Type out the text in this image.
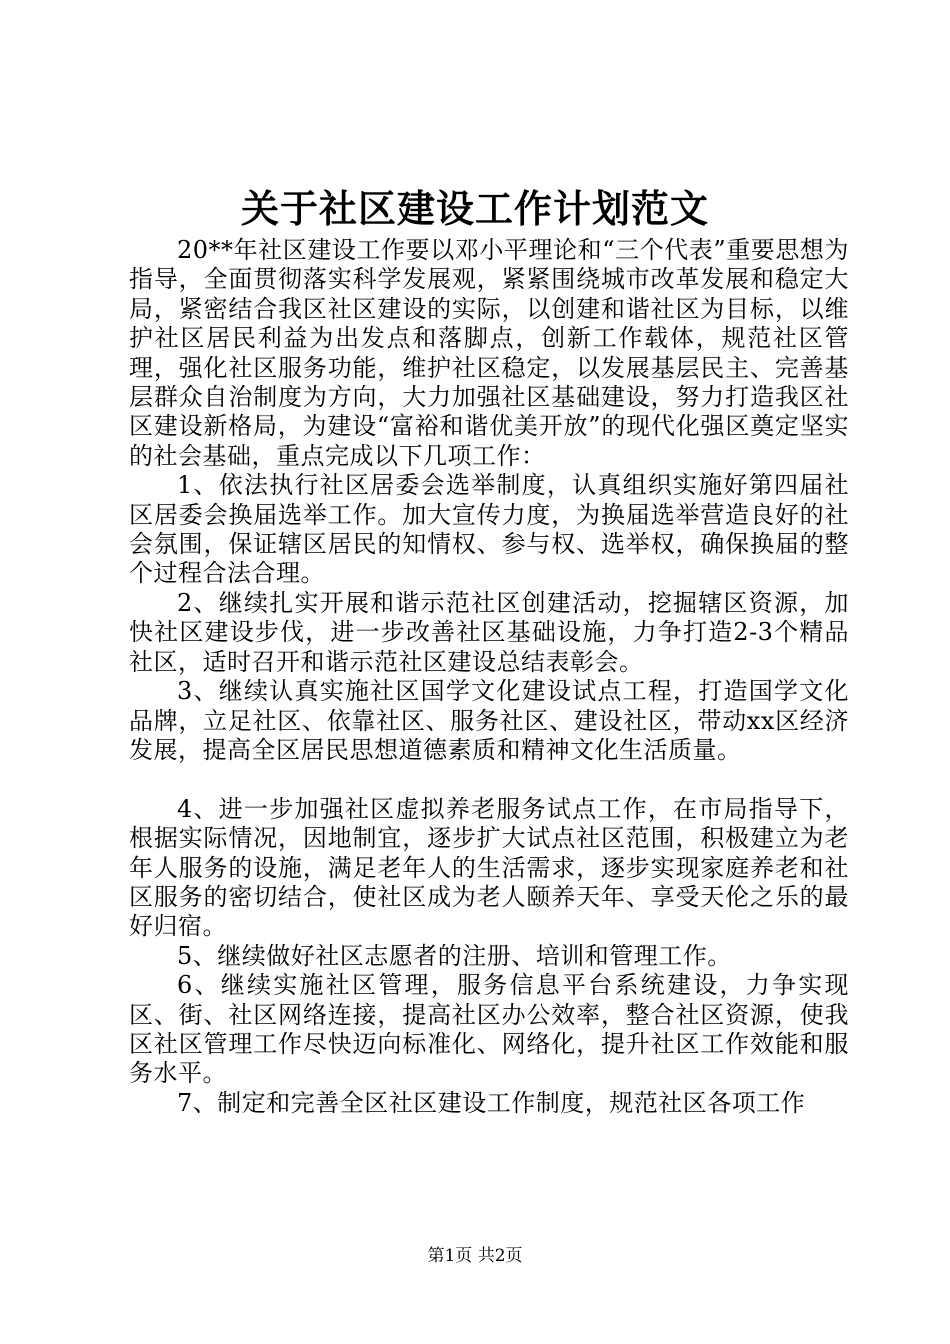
关于社区建设工作计划范文

20**年社区建设工作要以邓小平理论和“三个代表”重要思想为指导，全面贯彻落实科学发展观，紧紧围绕城市改革发展和稳定大局，紧密结合我区社区建设的实际，以创建和谐社区为目标，以维护社区居民利益为出发点和落脚点，创新工作载体，规范社区管理，强化社区服务功能，维护社区稳定，以发展基层民主、完善基层群众自治制度为方向，大力加强社区基础建设，努力打造我区社区建设新格局，为建设“富裕和谐优美开放”的现代化强区奠定坚实的社会基础，重点完成以下几项工作：

1、依法执行社区居委会选举制度，认真组织实施好第四届社区居委会换届选举工作。加大宣传力度，为换届选举营造良好的社会氛围，保证辖区居民的知情权、参与权、选举权，确保换届的整个过程合法合理。

2、继续扎实开展和谐示范社区创建活动，挖掘辖区资源，加快社区建设步伐，进一步改善社区基础设施，力争打造2-3个精品社区，适时召开和谐示范社区建设总结表彰会。

3、继续认真实施社区国学文化建设试点工程，打造国学文化品牌，立足社区、依靠社区、服务社区、建设社区，带动xx区经济发展，提高全区居民思想道德素质和精神文化生活质量。

4、进一步加强社区虚拟养老服务试点工作，在市局指导下，根据实际情况，因地制宜，逐步扩大试点社区范围，积极建立为老年人服务的设施，满足老年人的生活需求，逐步实现家庭养老和社区服务的密切结合，使社区成为老人颐养天年、享受天伦之乐的最好归宿。

5、继续做好社区志愿者的注册、培训和管理工作。

6、继续实施社区管理，服务信息平台系统建设，力争实现区、街、社区网络连接，提高社区办公效率，整合社区资源，使我区社区管理工作尽快迈向标准化、网络化，提升社区工作效能和服务水平。

7、制定和完善全区社区建设工作制度，规范社区各项工作

第1页 共2页
